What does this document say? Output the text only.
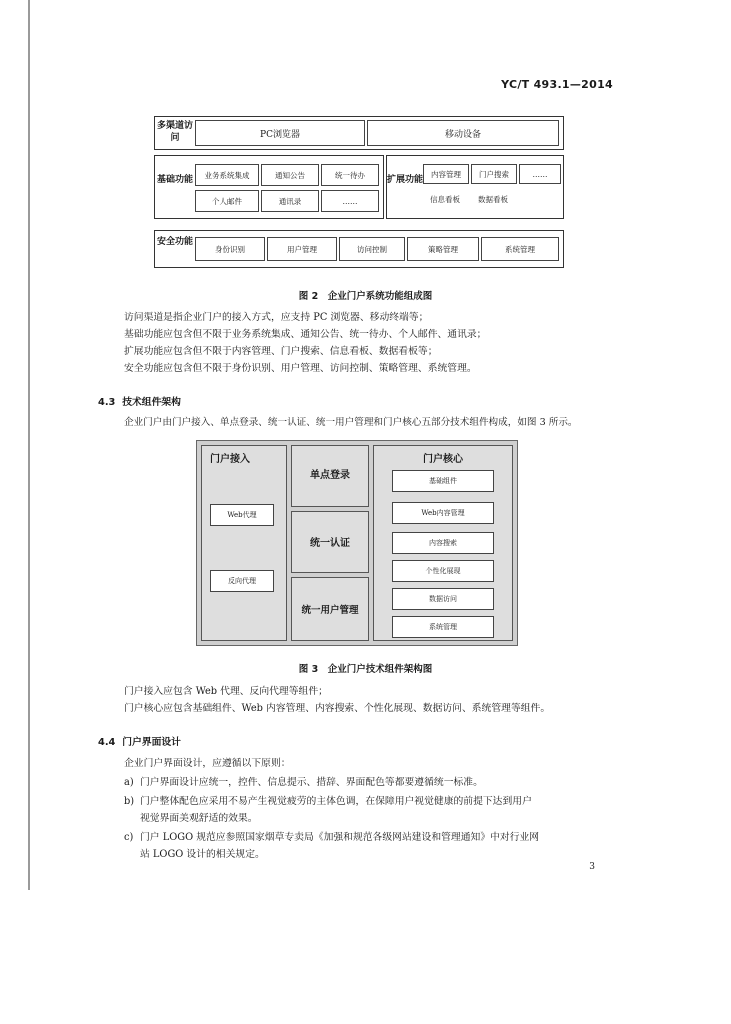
YC/T 493.1—2014
多渠道访问	PC浏览器	移动设备
基础功能	业务系统集成	通知公告	统一待办
个人邮件	通讯录	……
扩展功能
内容管理	门户搜索	……
信息看板	数据看板
安全功能
身份识别	用户管理	访问控制	策略管理	系统管理
图 2　企业门户系统功能组成图
访问渠道是指企业门户的接入方式，应支持 PC 浏览器、移动终端等；
基础功能应包含但不限于业务系统集成、通知公告、统一待办、个人邮件、通讯录；
扩展功能应包含但不限于内容管理、门户搜索、信息看板、数据看板等；
安全功能应包含但不限于身份识别、用户管理、访问控制、策略管理、系统管理。
4.3 技术组件架构
企业门户由门户接入、单点登录、统一认证、统一用户管理和门户核心五部分技术组件构成，如图 3 所示。
门户接入
Web代理
反向代理
单点登录
统一认证
统一用户管理
门户核心
基础组件
Web内容管理
内容搜索
个性化展现
数据访问
系统管理
图 3　企业门户技术组件架构图
门户接入应包含 Web 代理、反向代理等组件；
门户核心应包含基础组件、Web 内容管理、内容搜索、个性化展现、数据访问、系统管理等组件。
4.4 门户界面设计
企业门户界面设计，应遵循以下原则：
a) 门户界面设计应统一，控件、信息提示、措辞、界面配色等都要遵循统一标准。
b) 门户整体配色应采用不易产生视觉疲劳的主体色调，在保障用户视觉健康的前提下达到用户
视觉界面美观舒适的效果。
c) 门户 LOGO 规范应参照国家烟草专卖局《加强和规范各级网站建设和管理通知》中对行业网
站 LOGO 设计的相关规定。
3
